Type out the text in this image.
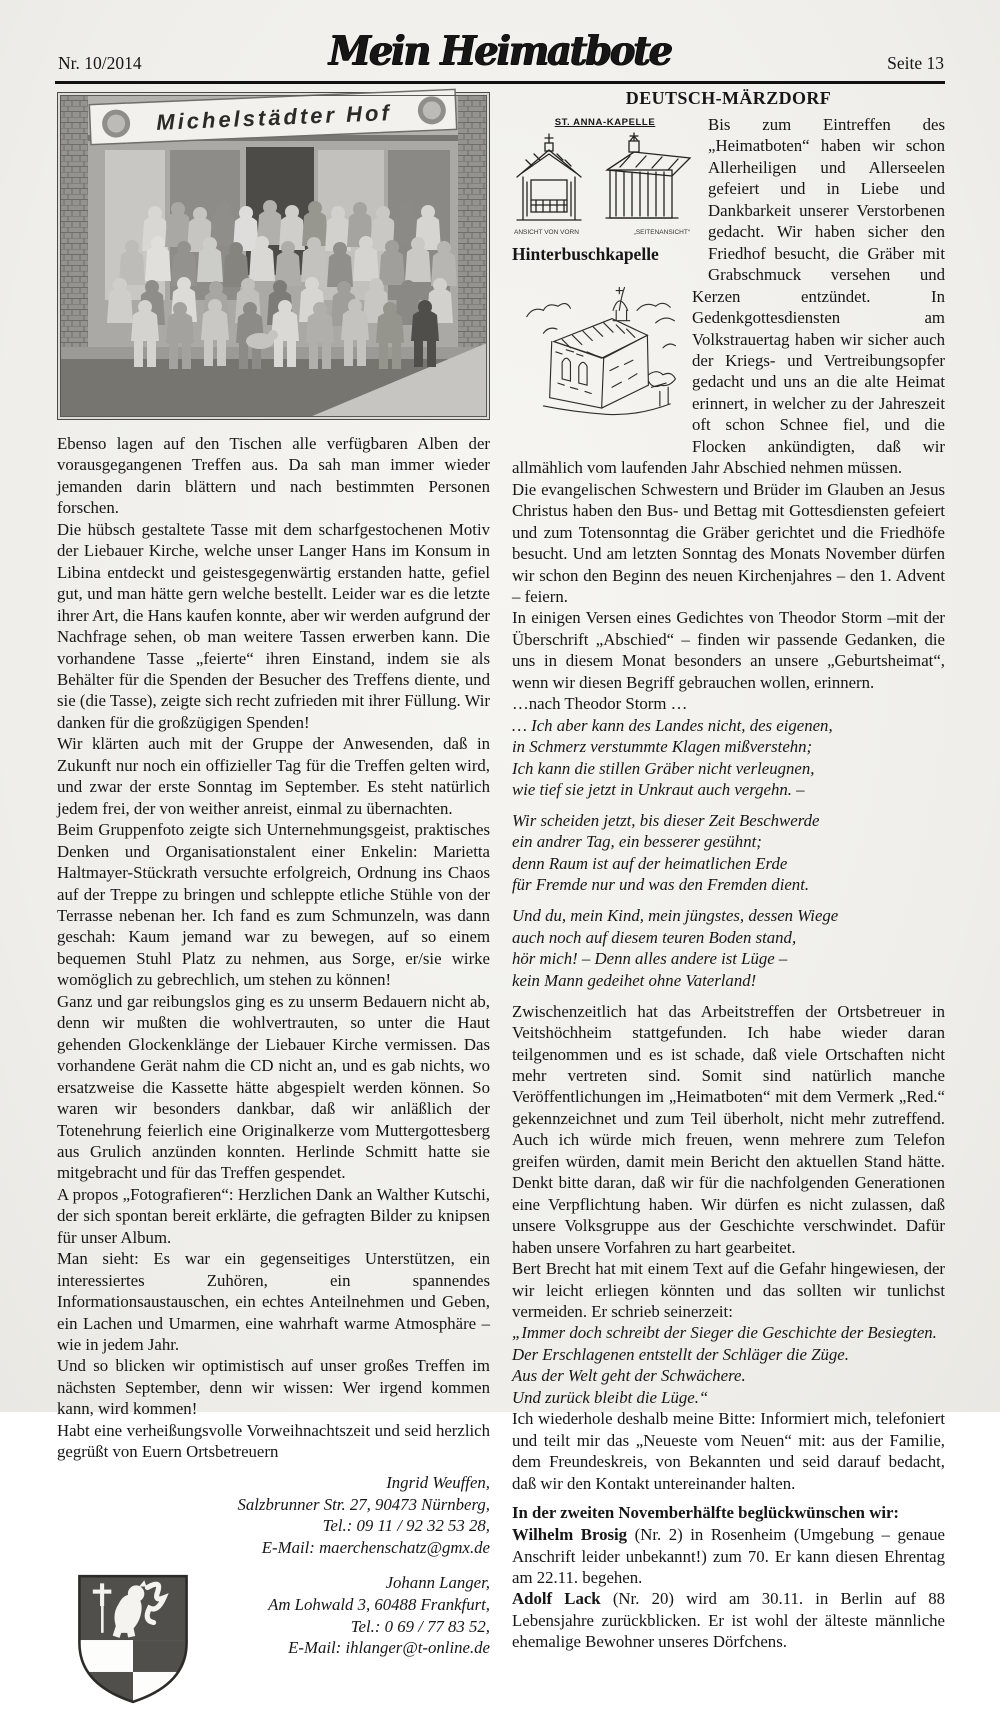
Nr. 10/2014	Mein Heimatbote	Seite 13
Michelstädter Hof

Ebenso lagen auf den Tischen alle verfügbaren Alben der vorausgegangenen Treffen aus. Da sah man immer wieder jemanden darin blättern und nach bestimmten Personen forschen.

Die hübsch gestaltete Tasse mit dem scharfgestochenen Motiv der Liebauer Kirche, welche unser Langer Hans im Konsum in Libina entdeckt und geistesgegenwärtig erstanden hatte, gefiel gut, und man hätte gern welche bestellt. Leider war es die letzte ihrer Art, die Hans kaufen konnte, aber wir werden aufgrund der Nachfrage sehen, ob man weitere Tassen erwerben kann. Die vorhandene Tasse „feierte“ ihren Einstand, indem sie als Behälter für die Spenden der Besucher des Treffens diente, und sie (die Tasse), zeigte sich recht zufrieden mit ihrer Füllung. Wir danken für die großzügigen Spenden!

Wir klärten auch mit der Gruppe der Anwesenden, daß in Zukunft nur noch ein offizieller Tag für die Treffen gelten wird, und zwar der erste Sonntag im September. Es steht natürlich jedem frei, der von weither anreist, einmal zu übernachten.

Beim Gruppenfoto zeigte sich Unternehmungsgeist, praktisches Denken und Organisationstalent einer Enkelin: Marietta Haltmayer-Stückrath versuchte erfolgreich, Ordnung ins Chaos auf der Treppe zu bringen und schleppte etliche Stühle von der Terrasse nebenan her. Ich fand es zum Schmunzeln, was dann geschah: Kaum jemand war zu bewegen, auf so einem bequemen Stuhl Platz zu nehmen, aus Sorge, er/sie wirke womöglich zu gebrechlich, um stehen zu können!

Ganz und gar reibungslos ging es zu unserm Bedauern nicht ab, denn wir mußten die wohlvertrauten, so unter die Haut gehenden Glockenklänge der Liebauer Kirche vermissen. Das vorhandene Gerät nahm die CD nicht an, und es gab nichts, wo ersatzweise die Kassette hätte abgespielt werden können. So waren wir besonders dankbar, daß wir anläßlich der Totenehrung feierlich eine Originalkerze vom Muttergottesberg aus Grulich anzünden konnten. Herlinde Schmitt hatte sie mitgebracht und für das Treffen gespendet.

A propos „Fotografieren“: Herzlichen Dank an Walther Kutschi, der sich spontan bereit erklärte, die gefragten Bilder zu knipsen für unser Album.

Man sieht: Es war ein gegenseitiges Unterstützen, ein interessiertes Zuhören, ein spannendes Informationsaustauschen, ein echtes Anteilnehmen und Geben, ein Lachen und Umarmen, eine wahrhaft warme Atmosphäre – wie in jedem Jahr.

Und so blicken wir optimistisch auf unser großes Treffen im nächsten September, denn wir wissen: Wer irgend kommen kann, wird kommen!

Habt eine verheißungsvolle Vorweihnachtszeit und seid herzlich gegrüßt von Euern Ortsbetreuern

Ingrid Weuffen,
Salzbrunner Str. 27, 90473 Nürnberg,
Tel.: 09 11 / 92 32 53 28,
E-Mail: maerchenschatz@gmx.de
Johann Langer,
Am Lohwald 3, 60488 Frankfurt,
Tel.: 0 69 / 77 83 52,
E-Mail: ihlanger@t-online.de
DEUTSCH-MÄRZDORF
ST. ANNA-KAPELLE
ANSICHT VON VORN	„SEITENANSICHT“
Hinterbuschkapelle

Bis zum Eintreffen des „Heimatboten“ haben wir schon Allerheiligen und Allerseelen gefeiert und in Liebe und Dankbarkeit unserer Verstorbenen gedacht. Wir haben sicher den Friedhof besucht, die Gräber mit Grabschmuck versehen und Kerzen entzündet. In Gedenkgottesdiensten am Volkstrauertag haben wir sicher auch der Kriegs- und Vertreibungsopfer gedacht und uns an die alte Heimat erinnert, in welcher zu der Jahreszeit oft schon Schnee fiel, und die Flocken ankündigten, daß wir allmählich vom laufenden Jahr Abschied nehmen müssen.

Die evangelischen Schwestern und Brüder im Glauben an Jesus Christus haben den Bus- und Bettag mit Gottesdiensten gefeiert und zum Totensonntag die Gräber gerichtet und die Friedhöfe besucht. Und am letzten Sonntag des Monats November dürfen wir schon den Beginn des neuen Kirchenjahres – den 1. Advent – feiern.

In einigen Versen eines Gedichtes von Theodor Storm –mit der Überschrift „Abschied“ – finden wir passende Gedanken, die uns in diesem Monat besonders an unsere „Geburtsheimat“, wenn wir diesen Begriff gebrauchen wollen, erinnern.

…nach Theodor Storm …

… Ich aber kann des Landes nicht, des eigenen,
in Schmerz verstummte Klagen mißverstehn;
Ich kann die stillen Gräber nicht verleugnen,
wie tief sie jetzt in Unkraut auch vergehn. –
Wir scheiden jetzt, bis dieser Zeit Beschwerde
ein andrer Tag, ein besserer gesühnt;
denn Raum ist auf der heimatlichen Erde
für Fremde nur und was den Fremden dient.
Und du, mein Kind, mein jüngstes, dessen Wiege
auch noch auf diesem teuren Boden stand,
hör mich! – Denn alles andere ist Lüge –
kein Mann gedeihet ohne Vaterland!

Zwischenzeitlich hat das Arbeitstreffen der Ortsbetreuer in Veitshöchheim stattgefunden. Ich habe wieder daran teilgenommen und es ist schade, daß viele Ortschaften nicht mehr vertreten sind. Somit sind natürlich manche Veröffentlichungen im „Heimatboten“ mit dem Vermerk „Red.“ gekennzeichnet und zum Teil überholt, nicht mehr zutreffend. Auch ich würde mich freuen, wenn mehrere zum Telefon greifen würden, damit mein Bericht den aktuellen Stand hätte. Denkt bitte daran, daß wir für die nachfolgenden Generationen eine Verpflichtung haben. Wir dürfen es nicht zulassen, daß unsere Volksgruppe aus der Geschichte verschwindet. Dafür haben unsere Vorfahren zu hart gearbeitet.

Bert Brecht hat mit einem Text auf die Gefahr hingewiesen, der wir leicht erliegen könnten und das sollten wir tunlichst vermeiden. Er schrieb seinerzeit:

„Immer doch schreibt der Sieger die Geschichte der Besiegten.
Der Erschlagenen entstellt der Schläger die Züge.
Aus der Welt geht der Schwächere.
Und zurück bleibt die Lüge.“

Ich wiederhole deshalb meine Bitte: Informiert mich, telefoniert und teilt mir das „Neueste vom Neuen“ mit: aus der Familie, dem Freundeskreis, von Bekannten und seid darauf bedacht, daß wir den Kontakt untereinander halten.

In der zweiten Novemberhälfte beglückwünschen wir:

Wilhelm Brosig (Nr. 2) in Rosenheim (Umgebung – genaue Anschrift leider unbekannt!) zum 70. Er kann diesen Ehrentag am 22.11. begehen.

Adolf Lack (Nr. 20) wird am 30.11. in Berlin auf 88 Lebensjahre zurückblicken. Er ist wohl der älteste männliche ehemalige Bewohner unseres Dörfchens.
